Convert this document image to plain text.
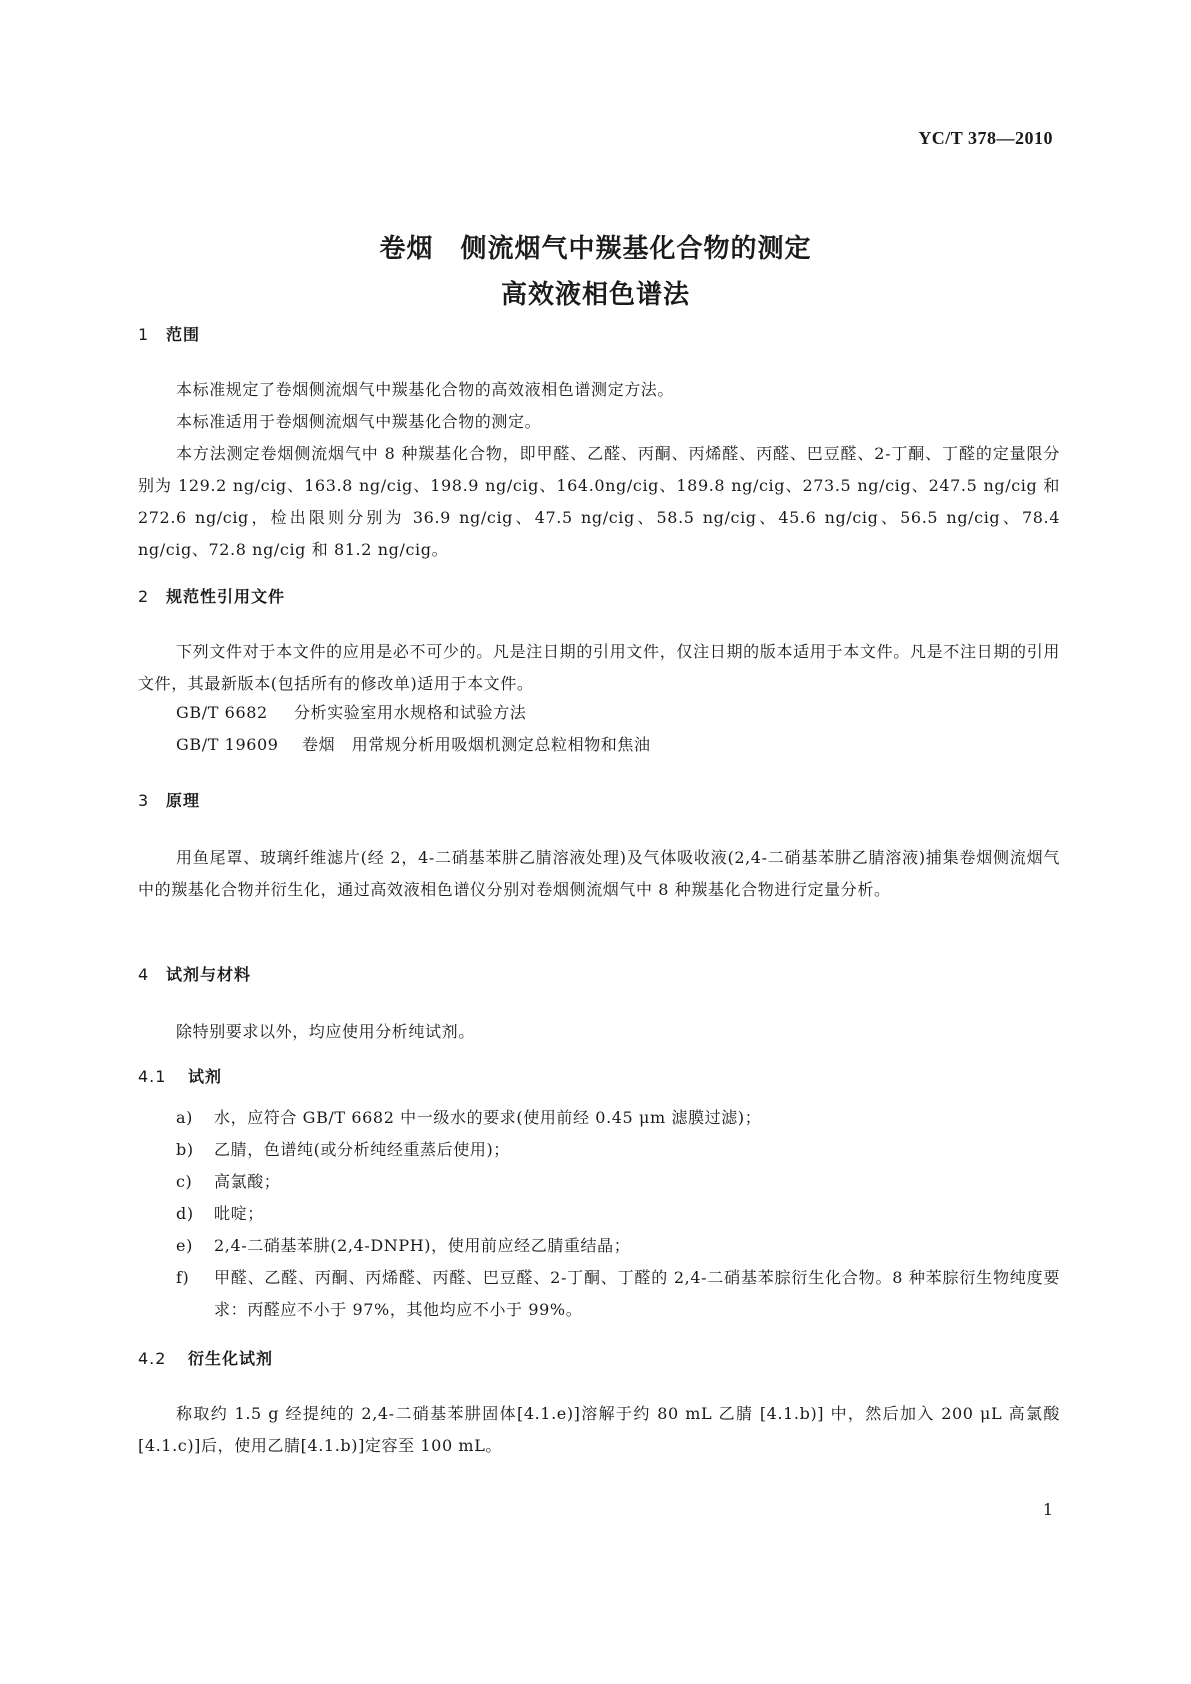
YC/T 378—2010
卷烟　侧流烟气中羰基化合物的测定
高效液相色谱法
1 范围
本标准规定了卷烟侧流烟气中羰基化合物的高效液相色谱测定方法。
本标准适用于卷烟侧流烟气中羰基化合物的测定。
本方法测定卷烟侧流烟气中 8 种羰基化合物，即甲醛、乙醛、丙酮、丙烯醛、丙醛、巴豆醛、2-丁酮、丁醛的定量限分别为 129.2 ng/cig、163.8 ng/cig、198.9 ng/cig、164.0ng/cig、189.8 ng/cig、273.5 ng/cig、247.5 ng/cig 和 272.6 ng/cig，检出限则分别为 36.9 ng/cig、47.5 ng/cig、58.5 ng/cig、45.6 ng/cig、56.5 ng/cig、78.4 ng/cig、72.8 ng/cig 和 81.2 ng/cig。
2 规范性引用文件
下列文件对于本文件的应用是必不可少的。凡是注日期的引用文件，仅注日期的版本适用于本文件。凡是不注日期的引用文件，其最新版本(包括所有的修改单)适用于本文件。
GB/T 6682 分析实验室用水规格和试验方法
GB/T 19609 卷烟　用常规分析用吸烟机测定总粒相物和焦油
3 原理
用鱼尾罩、玻璃纤维滤片(经 2，4-二硝基苯肼乙腈溶液处理)及气体吸收液(2,4-二硝基苯肼乙腈溶液)捕集卷烟侧流烟气中的羰基化合物并衍生化，通过高效液相色谱仪分别对卷烟侧流烟气中 8 种羰基化合物进行定量分析。
4 试剂与材料
除特别要求以外，均应使用分析纯试剂。
4.1 试剂
a) 水，应符合 GB/T 6682 中一级水的要求(使用前经 0.45 μm 滤膜过滤)；
b) 乙腈，色谱纯(或分析纯经重蒸后使用)；
c) 高氯酸；
d) 吡啶；
e) 2,4-二硝基苯肼(2,4-DNPH)，使用前应经乙腈重结晶；
f) 甲醛、乙醛、丙酮、丙烯醛、丙醛、巴豆醛、2-丁酮、丁醛的 2,4-二硝基苯腙衍生化合物。8 种苯腙衍生物纯度要求：丙醛应不小于 97%，其他均应不小于 99%。
4.2 衍生化试剂
称取约 1.5 g 经提纯的 2,4-二硝基苯肼固体[4.1.e)]溶解于约 80 mL 乙腈 [4.1.b)] 中，然后加入 200 μL 高氯酸[4.1.c)]后，使用乙腈[4.1.b)]定容至 100 mL。
1
